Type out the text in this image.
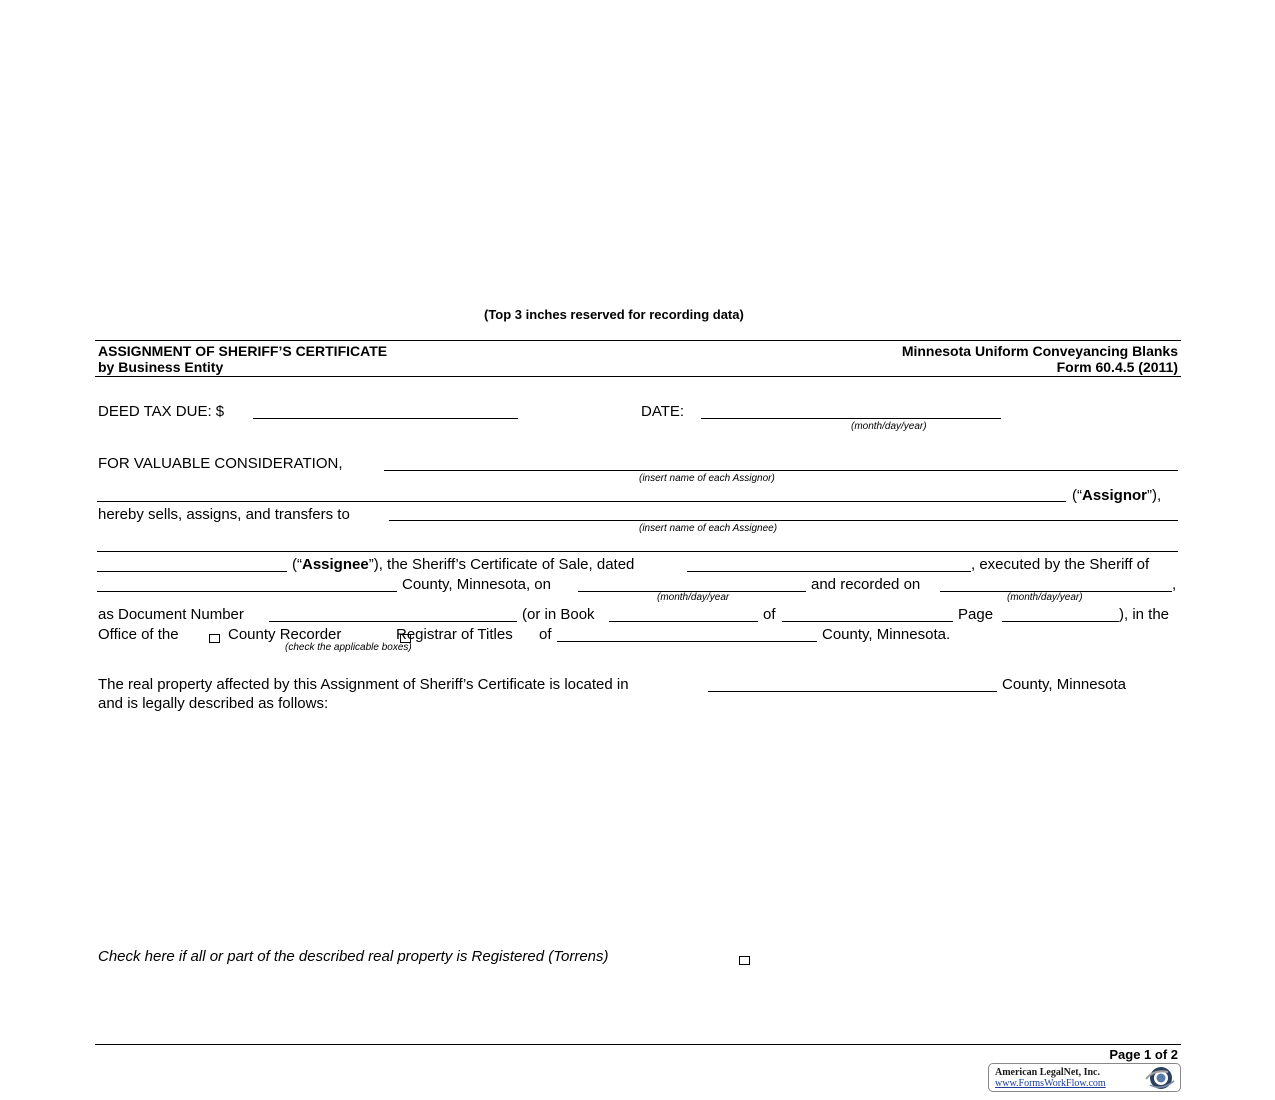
(Top 3 inches reserved for recording data)
ASSIGNMENT OF SHERIFF’S CERTIFICATE
by Business Entity
Minnesota Uniform Conveyancing Blanks
Form 60.4.5 (2011)
DEED TAX DUE: $	DATE:
(month/day/year)
FOR VALUABLE CONSIDERATION,
(insert name of each Assignor)
(“Assignor”),
hereby sells, assigns, and transfers to
(insert name of each Assignee)
(“Assignee”), the Sheriff’s Certificate of Sale, dated	, executed by the Sheriff of
County, Minnesota, on	and recorded on	,
(month/day/year	(month/day/year)
as Document Number	(or in Book	of	Page	), in the
Office of the
	County Recorder
	Registrar of Titles of	County, Minnesota.
(check the applicable boxes)
The real property affected by this Assignment of Sheriff’s Certificate is located in	County, Minnesota
and is legally described as follows:
Check here if all or part of the described real property is Registered (Torrens)
Page 1 of 2
American LegalNet, Inc.
www.FormsWorkFlow.com
